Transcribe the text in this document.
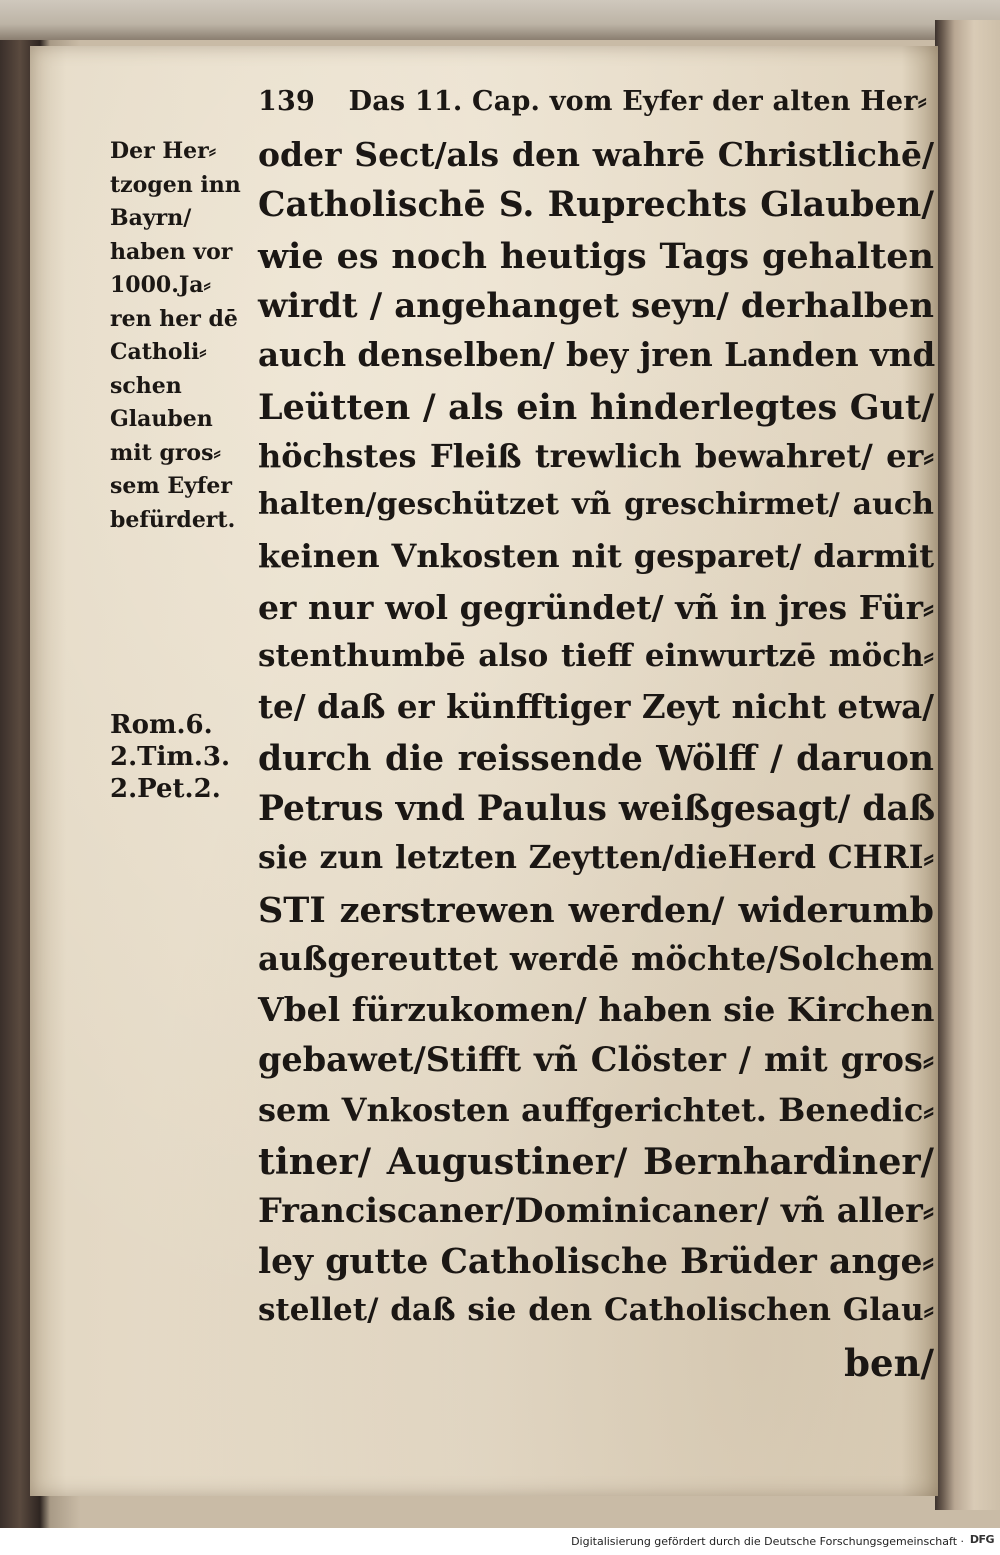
139 Das 11. Cap. vom Eyfer der alten Her⸗
Der Her⸗
tzogen inn
Bayrn/
haben vor
1000.Ja⸗
ren her dē
Catholi⸗
schen
Glauben
mit gros⸗
sem Eyfer
befürdert.
Rom.6.
2.Tim.3.
2.Pet.2.
oder Sect/als den wahrē Christlichē/
Catholischē S. Ruprechts Glauben/
wie es noch heutigs Tags gehalten
wirdt / angehanget seyn/ derhalben
auch denselben/ bey jren Landen vnd
Leütten / als ein hinderlegtes Gut/
höchstes Fleiß trewlich bewahret/ er⸗
halten/geschützet vñ greschirmet/ auch
keinen Vnkosten nit gesparet/ darmit
er nur wol gegründet/ vñ in jres Für⸗
stenthumbē also tieff einwurtzē möch⸗
te/ daß er künfftiger Zeyt nicht etwa/
durch die reissende Wölff / daruon
Petrus vnd Paulus weißgesagt/ daß
sie zun letzten Zeytten/dieHerd CHRI⸗
STI zerstrewen werden/ widerumb
außgereuttet werdē möchte/Solchem
Vbel fürzukomen/ haben sie Kirchen
gebawet/Stifft vñ Clöster / mit gros⸗
sem Vnkosten auffgerichtet. Benedic⸗
tiner/ Augustiner/ Bernhardiner/
Franciscaner/Dominicaner/ vñ aller⸗
ley gutte Catholische Brüder ange⸗
stellet/ daß sie den Catholischen Glau⸗
ben/
Digitalisierung gefördert durch die Deutsche Forschungsgemeinschaft · DFG
